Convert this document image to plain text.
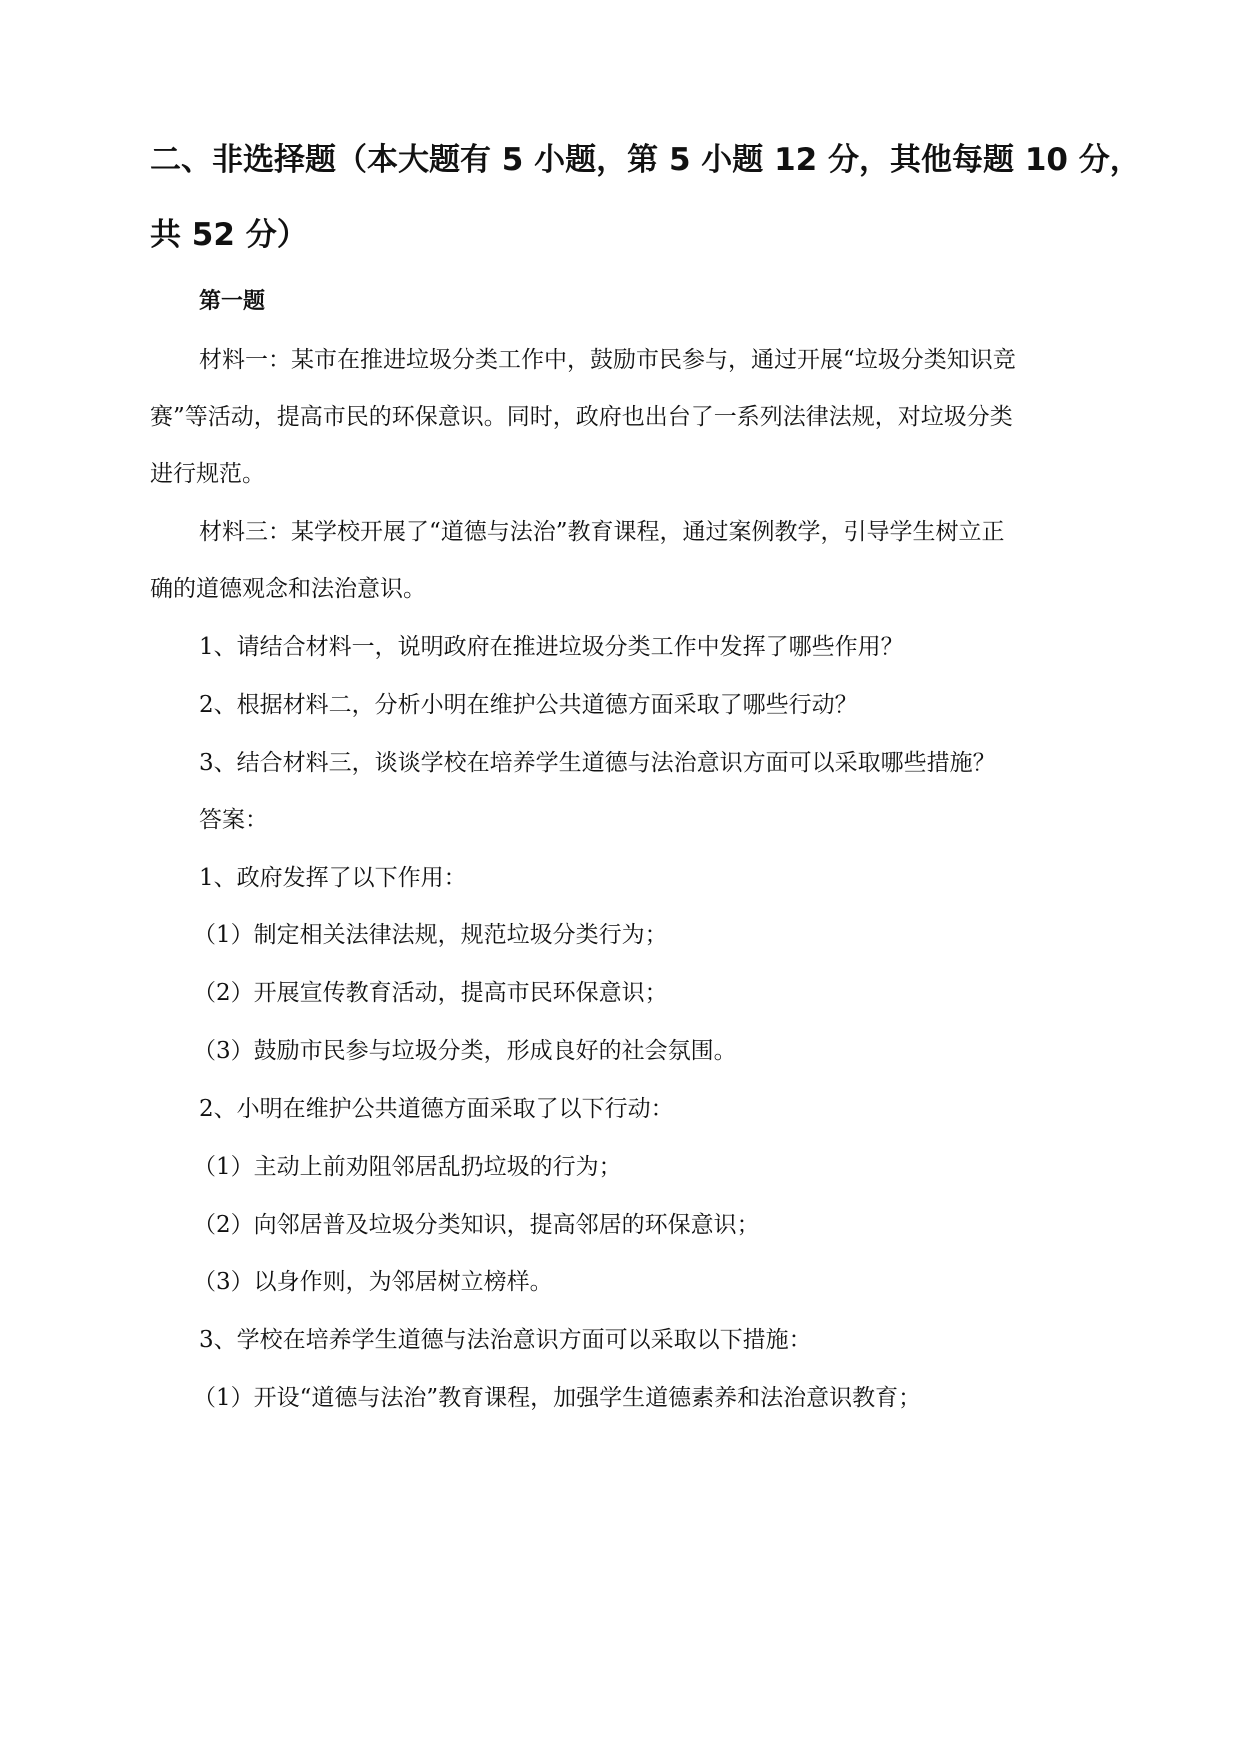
二、非选择题（本大题有 5 小题，第 5 小题 12 分，其他每题 10 分，
共 52 分）
第一题
材料一：某市在推进垃圾分类工作中，鼓励市民参与，通过开展“垃圾分类知识竞
赛”等活动，提高市民的环保意识。同时，政府也出台了一系列法律法规，对垃圾分类
进行规范。
材料三：某学校开展了“道德与法治”教育课程，通过案例教学，引导学生树立正
确的道德观念和法治意识。
1、请结合材料一，说明政府在推进垃圾分类工作中发挥了哪些作用？
2、根据材料二，分析小明在维护公共道德方面采取了哪些行动？
3、结合材料三，谈谈学校在培养学生道德与法治意识方面可以采取哪些措施？
答案：
1、政府发挥了以下作用：
（1）制定相关法律法规，规范垃圾分类行为；
（2）开展宣传教育活动，提高市民环保意识；
（3）鼓励市民参与垃圾分类，形成良好的社会氛围。
2、小明在维护公共道德方面采取了以下行动：
（1）主动上前劝阻邻居乱扔垃圾的行为；
（2）向邻居普及垃圾分类知识，提高邻居的环保意识；
（3）以身作则，为邻居树立榜样。
3、学校在培养学生道德与法治意识方面可以采取以下措施：
（1）开设“道德与法治”教育课程，加强学生道德素养和法治意识教育；
